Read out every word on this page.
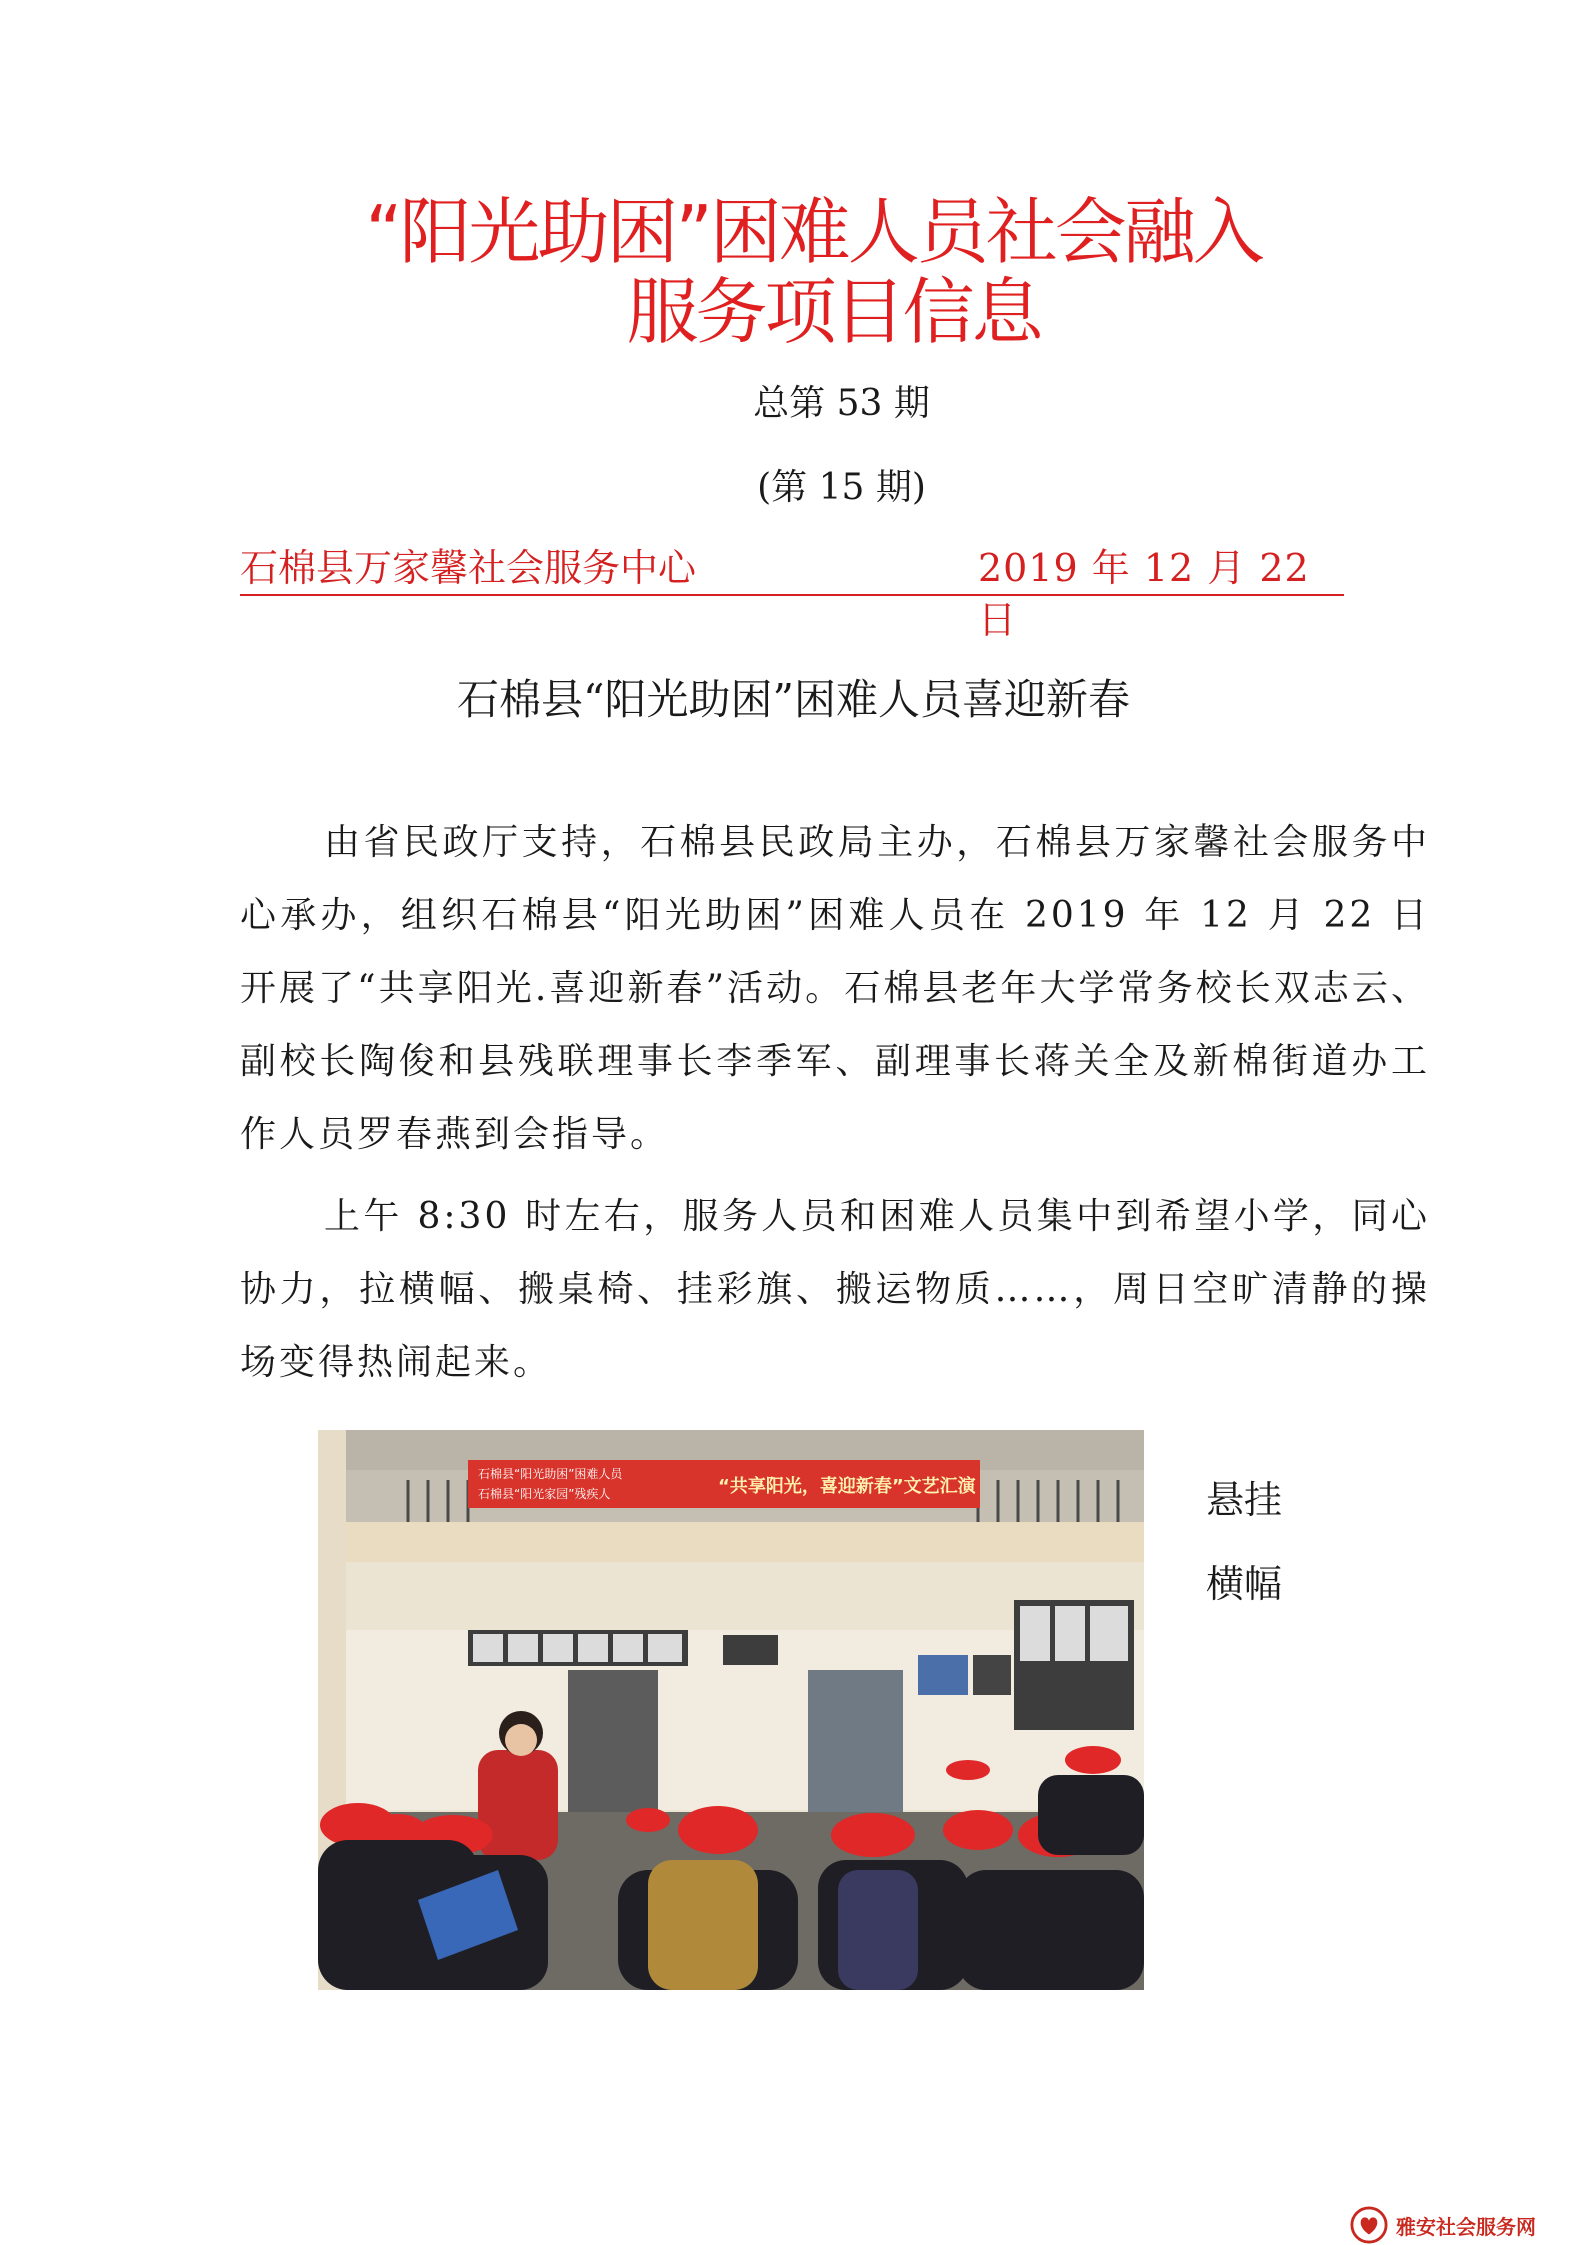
“阳光助困”困难人员社会融入
服务项目信息
总第 53 期
(第 15 期)
石棉县万家馨社会服务中心	2019 年 12 月 22 日
石棉县“阳光助困”困难人员喜迎新春

由省民政厅支持，石棉县民政局主办，石棉县万家馨社会服务中心承办，组织石棉县“阳光助困”困难人员在 2019 年 12 月 22 日开展了“共享阳光.喜迎新春”活动。石棉县老年大学常务校长双志云、副校长陶俊和县残联理事长李季军、副理事长蒋关全及新棉街道办工作人员罗春燕到会指导。

上午 8:30 时左右，服务人员和困难人员集中到希望小学，同心协力，拉横幅、搬桌椅、挂彩旗、搬运物质……，周日空旷清静的操场变得热闹起来。

石棉县“阳光助困”困难人员
石棉县“阳光家园”残疾人	“共享阳光，喜迎新春”文艺汇演	悬挂
横幅
雅安社会服务网
